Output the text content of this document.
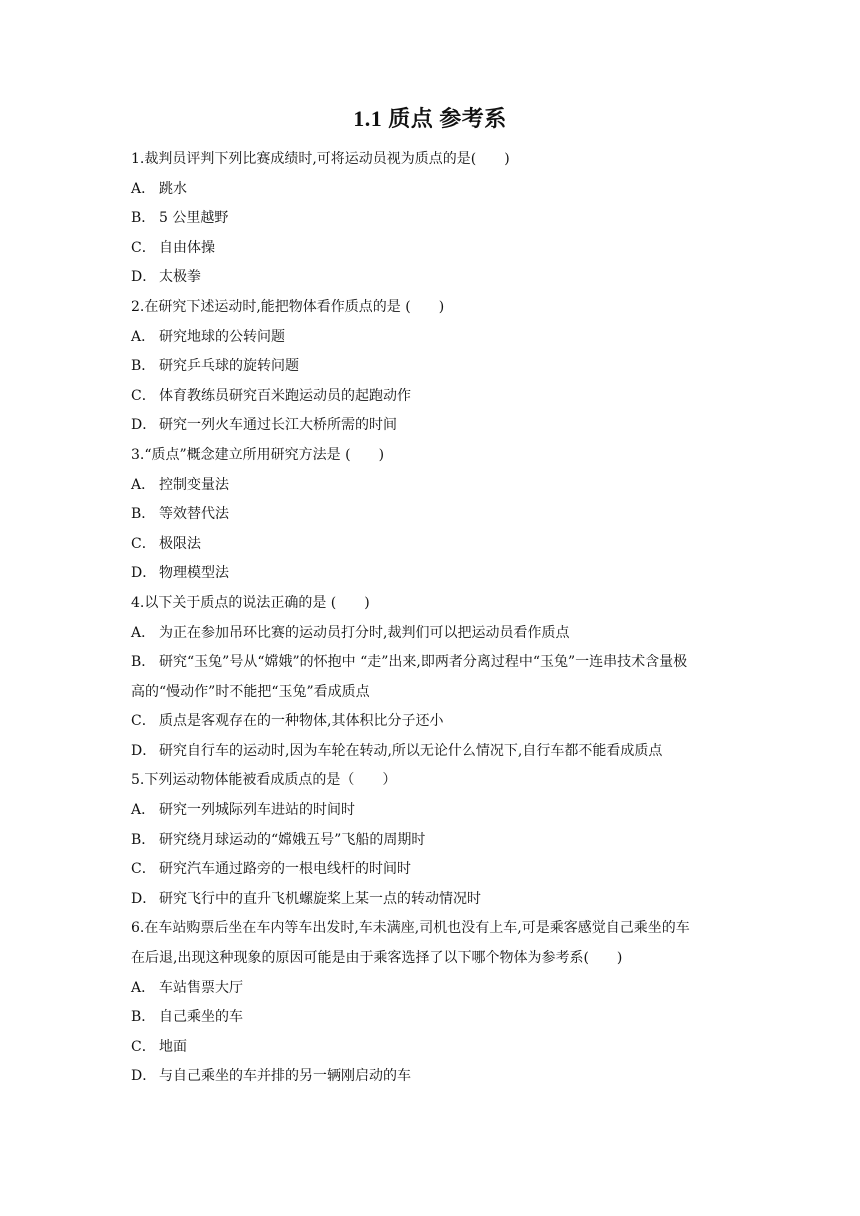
1.1 质点 参考系
1.裁判员评判下列比赛成绩时,可将运动员视为质点的是(　　)
A． 跳水
B． 5 公里越野
C． 自由体操
D． 太极拳
2.在研究下述运动时,能把物体看作质点的是 (　　)
A． 研究地球的公转问题
B． 研究乒乓球的旋转问题
C． 体育教练员研究百米跑运动员的起跑动作
D． 研究一列火车通过长江大桥所需的时间
3.“质点”概念建立所用研究方法是 (　　)
A． 控制变量法
B． 等效替代法
C． 极限法
D． 物理模型法
4.以下关于质点的说法正确的是 (　　)
A． 为正在参加吊环比赛的运动员打分时,裁判们可以把运动员看作质点
B． 研究“玉兔”号从“嫦娥”的怀抱中 “走”出来,即两者分离过程中“玉兔”一连串技术含量极
高的“慢动作”时不能把“玉兔”看成质点
C． 质点是客观存在的一种物体,其体积比分子还小
D． 研究自行车的运动时,因为车轮在转动,所以无论什么情况下,自行车都不能看成质点
5.下列运动物体能被看成质点的是（　　）
A． 研究一列城际列车进站的时间时
B． 研究绕月球运动的“嫦娥五号”飞船的周期时
C． 研究汽车通过路旁的一根电线杆的时间时
D． 研究飞行中的直升飞机螺旋桨上某一点的转动情况时
6.在车站购票后坐在车内等车出发时,车未满座,司机也没有上车,可是乘客感觉自己乘坐的车
在后退,出现这种现象的原因可能是由于乘客选择了以下哪个物体为参考系(　　)
A． 车站售票大厅
B． 自己乘坐的车
C． 地面
D． 与自己乘坐的车并排的另一辆刚启动的车
